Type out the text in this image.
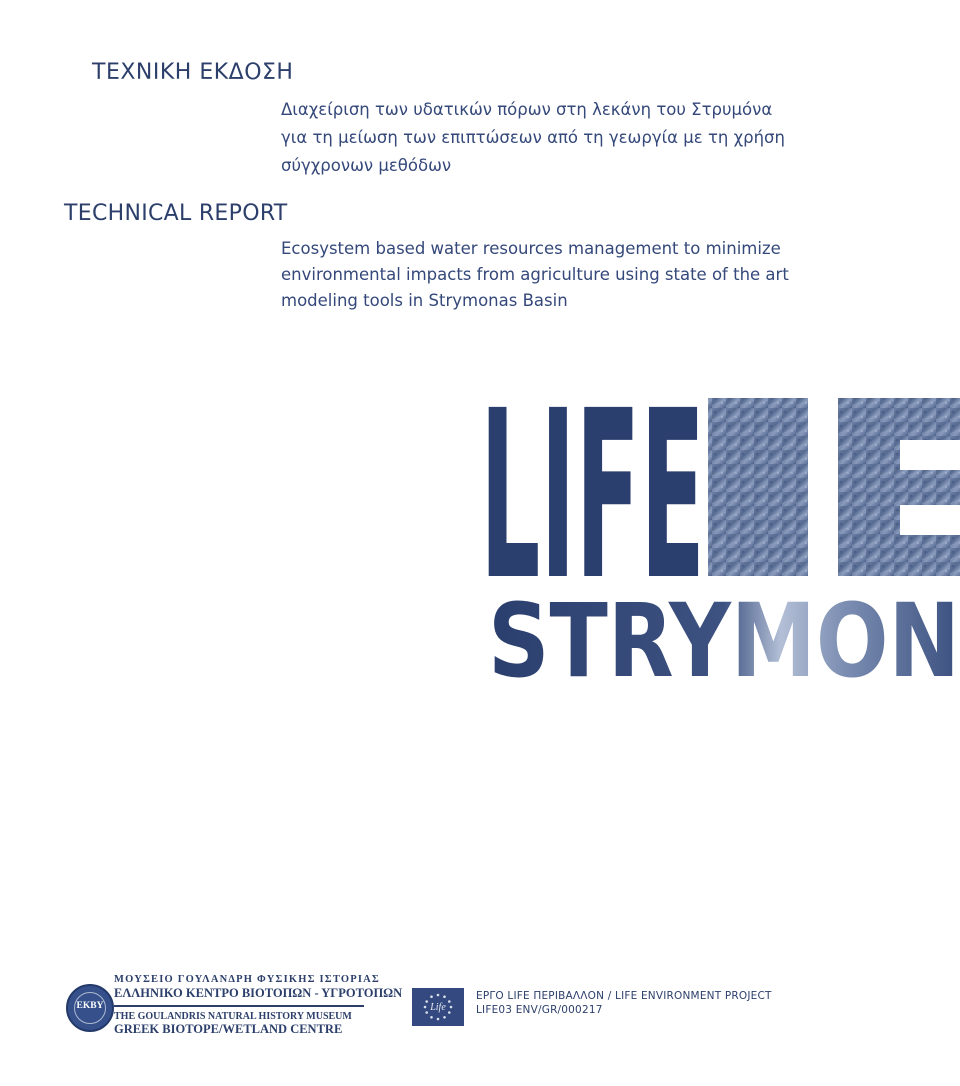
ΤΕΧΝΙΚΗ ΕΚΔΟΣΗ
Διαχείριση των υδατικών πόρων στη λεκάνη του Στρυμόνα
για τη μείωση των επιπτώσεων από τη γεωργία με τη χρήση
σύγχρονων μεθόδων
TECHNICAL REPORT
Ecosystem based water resources management to minimize
environmental impacts from agriculture using state of the art
modeling tools in Strymonas Basin
LIFE
STRYMON
EKBY
ΜΟΥΣΕΙΟ ΓΟΥΛΑΝΔΡΗ ΦΥΣΙΚΗΣ ΙΣΤΟΡΙΑΣ
ΕΛΛΗΝΙΚΟ ΚΕΝΤΡΟ ΒΙΟΤΟΠΩΝ - ΥΓΡΟΤΟΠΩΝ
THE GOULANDRIS NATURAL HISTORY MUSEUM
GREEK BIOTOPE/WETLAND CENTRE
Life
ΕΡΓΟ LIFE ΠΕΡΙΒΑΛΛΟΝ / LIFE ENVIRONMENT PROJECT
LIFE03 ENV/GR/000217
